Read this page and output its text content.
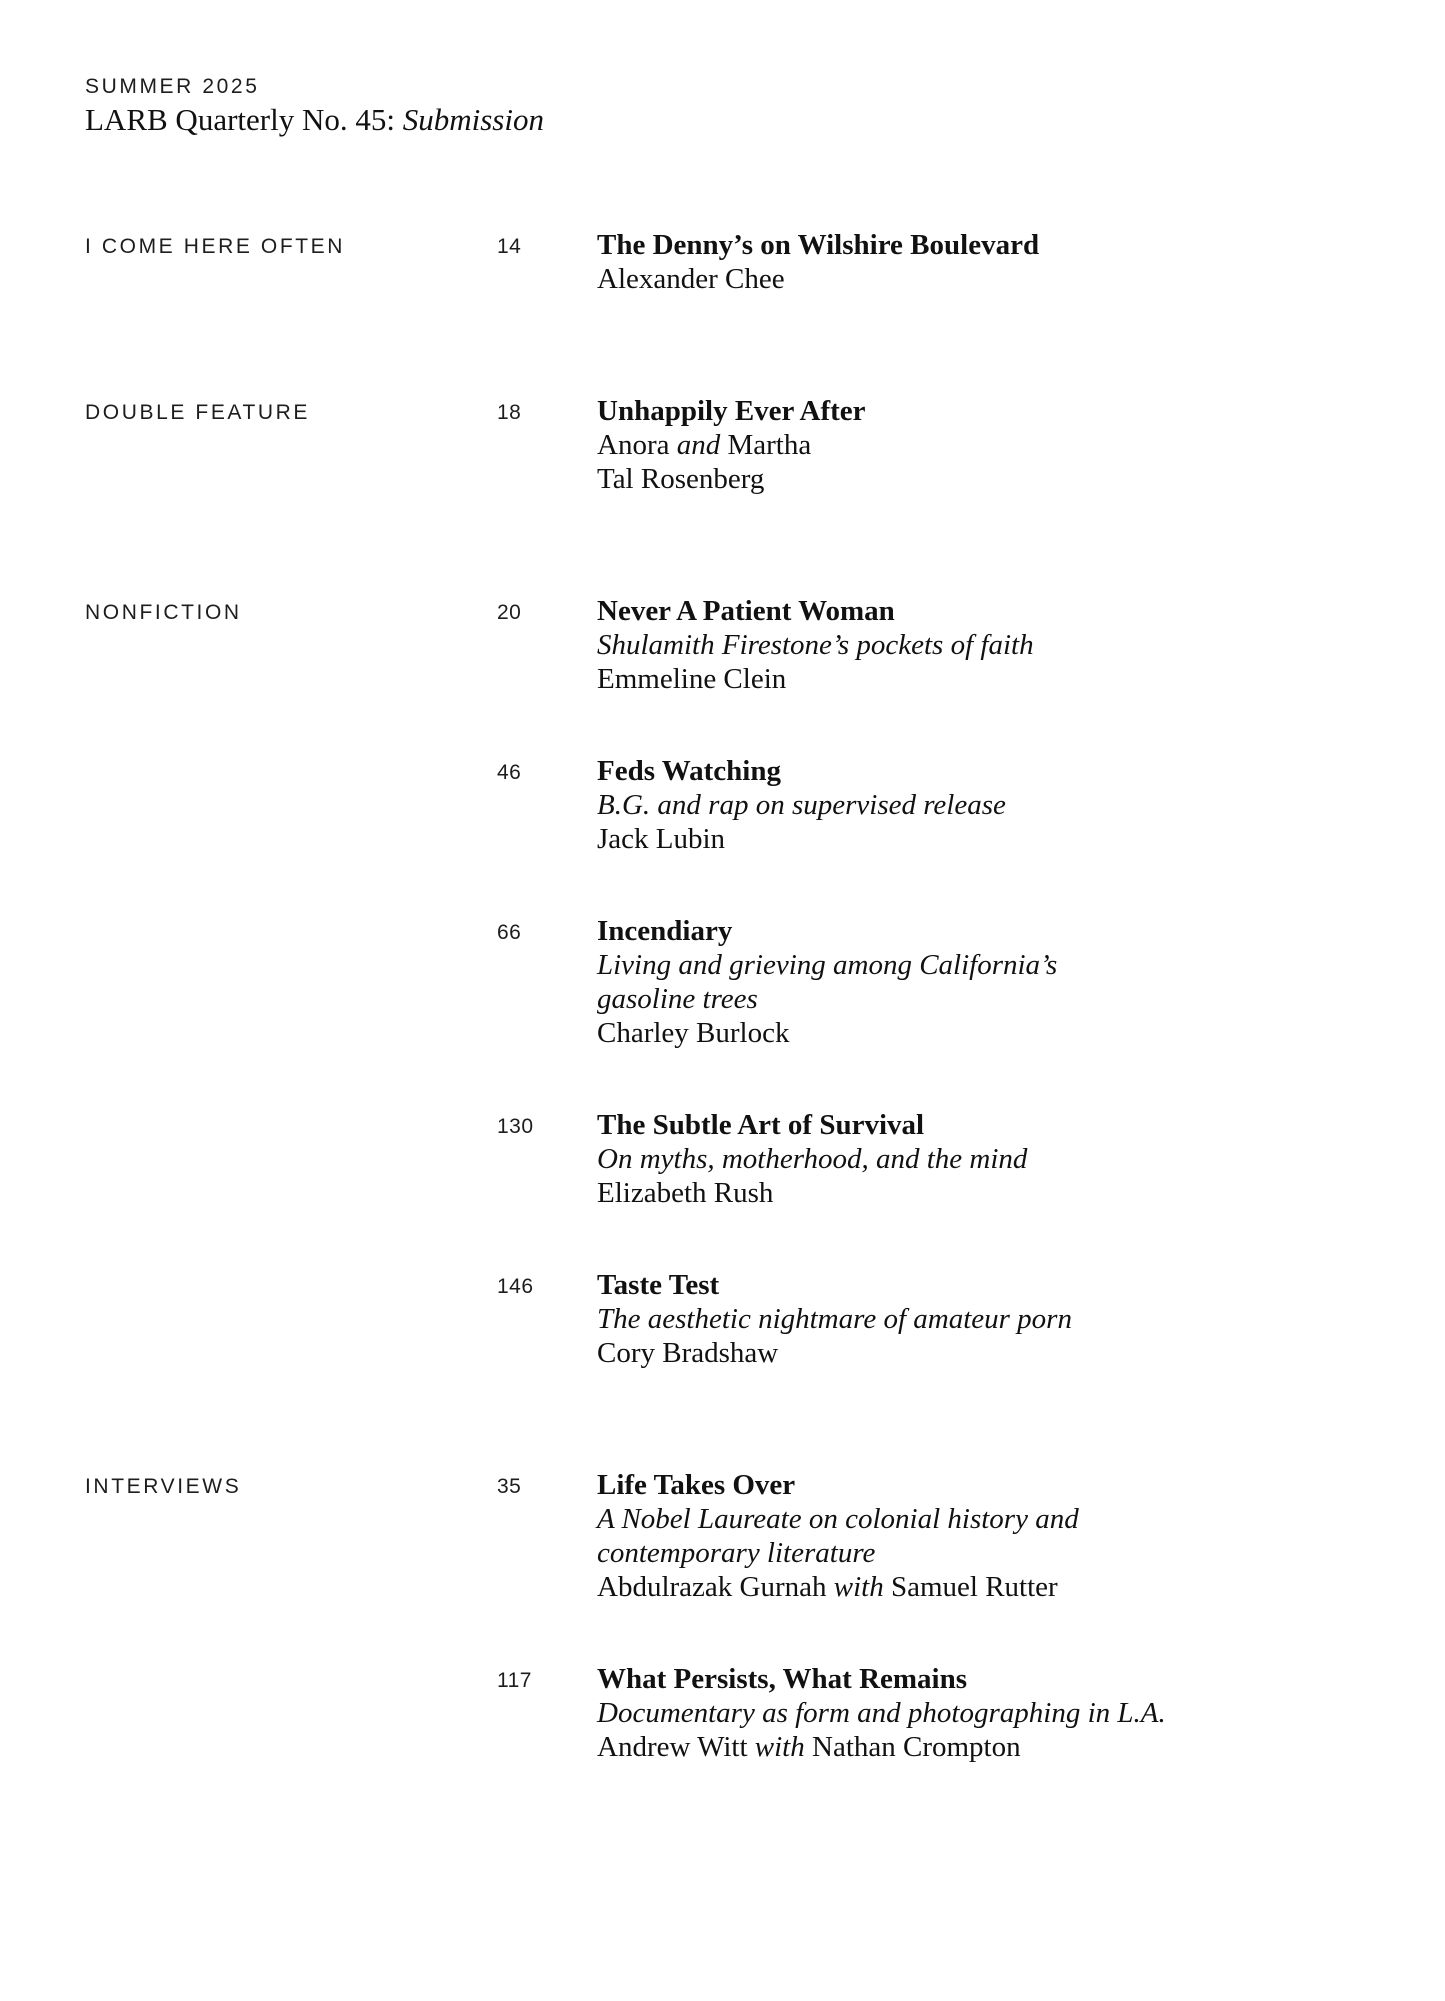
SUMMER 2025
LARB Quarterly No. 45: Submission
I COME HERE OFTEN	14	The Denny’s on Wilshire Boulevard
Alexander Chee
DOUBLE FEATURE	18	Unhappily Ever After
Anora and Martha
Tal Rosenberg
NONFICTION	20	Never A Patient Woman
Shulamith Firestone’s pockets of faith
Emmeline Clein
46	Feds Watching
B.G. and rap on supervised release
Jack Lubin
66	Incendiary
Living and grieving among California’s
gasoline trees
Charley Burlock
130	The Subtle Art of Survival
On myths, motherhood, and the mind
Elizabeth Rush
146	Taste Test
The aesthetic nightmare of amateur porn
Cory Bradshaw
INTERVIEWS	35	Life Takes Over
A Nobel Laureate on colonial history and
contemporary literature
Abdulrazak Gurnah with Samuel Rutter
117	What Persists, What Remains
Documentary as form and photographing in L.A.
Andrew Witt with Nathan Crompton
